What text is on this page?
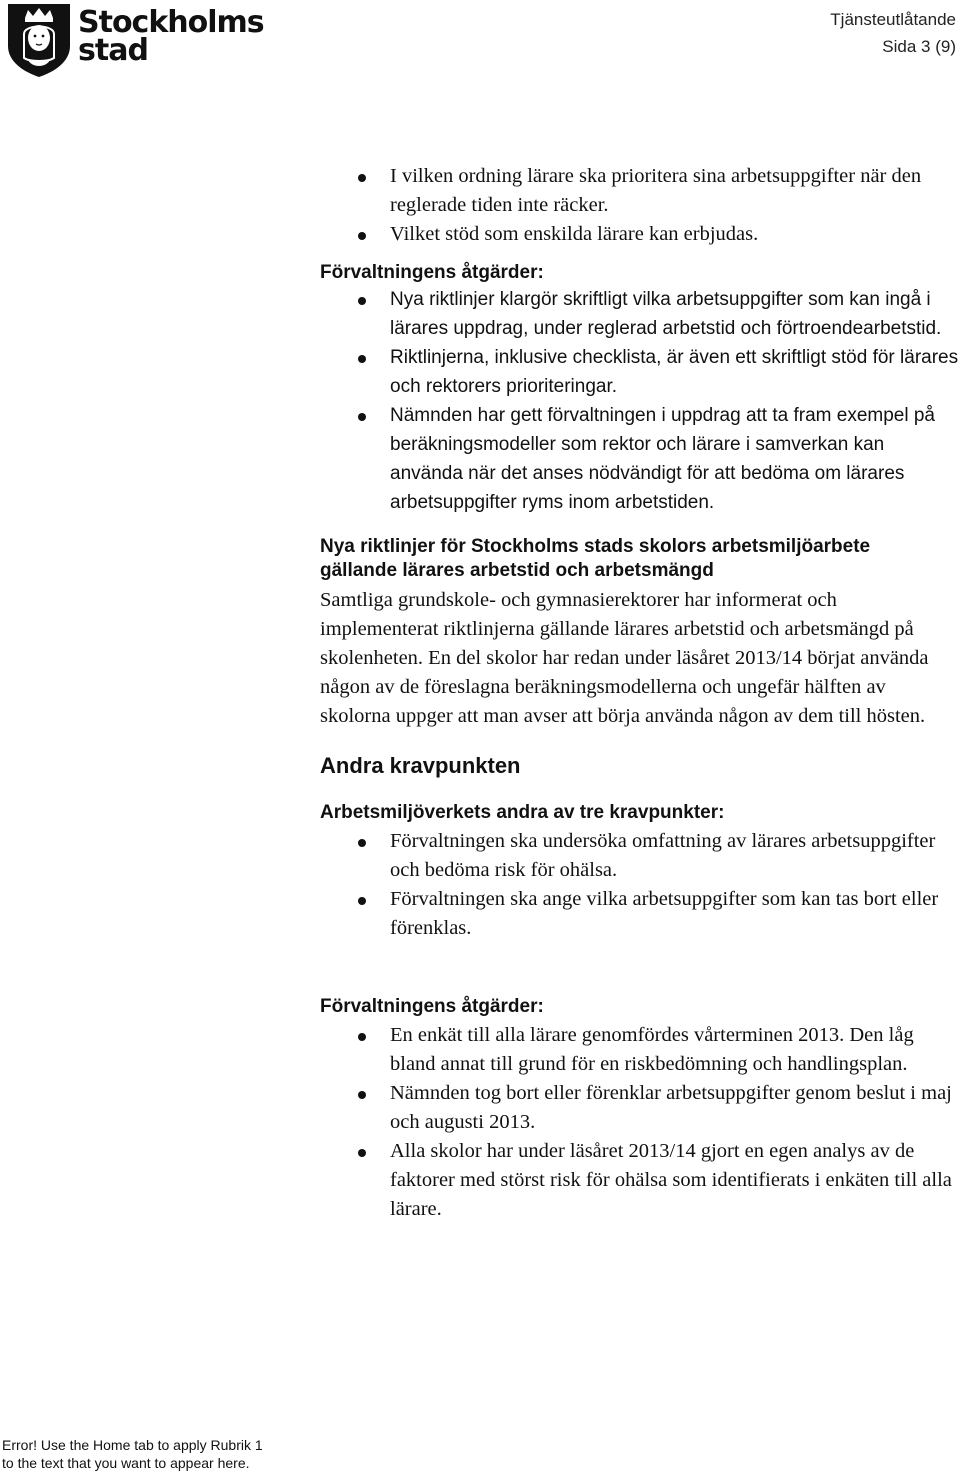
Stockholms
stad
Tjänsteutlåtande
Sida 3 (9)
I vilken ordning lärare ska prioritera sina arbetsuppgifter när den reglerade tiden inte räcker.
Vilket stöd som enskilda lärare kan erbjudas.
Förvaltningens åtgärder:
Nya riktlinjer klargör skriftligt vilka arbetsuppgifter som kan ingå i lärares uppdrag, under reglerad arbetstid och förtroendearbetstid.
Riktlinjerna, inklusive checklista, är även ett skriftligt stöd för lärares och rektorers prioriteringar.
Nämnden har gett förvaltningen i uppdrag att ta fram exempel på beräkningsmodeller som rektor och lärare i samverkan kan använda när det anses nödvändigt för att bedöma om lärares arbetsuppgifter ryms inom arbetstiden.
Nya riktlinjer för Stockholms stads skolors arbetsmiljöarbete
gällande lärares arbetstid och arbetsmängd

Samtliga grundskole- och gymnasierektorer har informerat och implementerat riktlinjerna gällande lärares arbetstid och arbetsmängd på skolenheten. En del skolor har redan under läsåret 2013/14 börjat använda någon av de föreslagna beräkningsmodellerna och ungefär hälften av skolorna uppger att man avser att börja använda någon av dem till hösten.

Andra kravpunkten
Arbetsmiljöverkets andra av tre kravpunkter:
Förvaltningen ska undersöka omfattning av lärares arbetsuppgifter och bedöma risk för ohälsa.
Förvaltningen ska ange vilka arbetsuppgifter som kan tas bort eller förenklas.
Förvaltningens åtgärder:
En enkät till alla lärare genomfördes vårterminen 2013. Den låg bland annat till grund för en riskbedömning och handlingsplan.
Nämnden tog bort eller förenklar arbetsuppgifter genom beslut i maj och augusti 2013.
Alla skolor har under läsåret 2013/14 gjort en egen analys av de faktorer med störst risk för ohälsa som identifierats i enkäten till alla lärare.
Error! Use the Home tab to apply Rubrik 1
to the text that you want to appear here.
